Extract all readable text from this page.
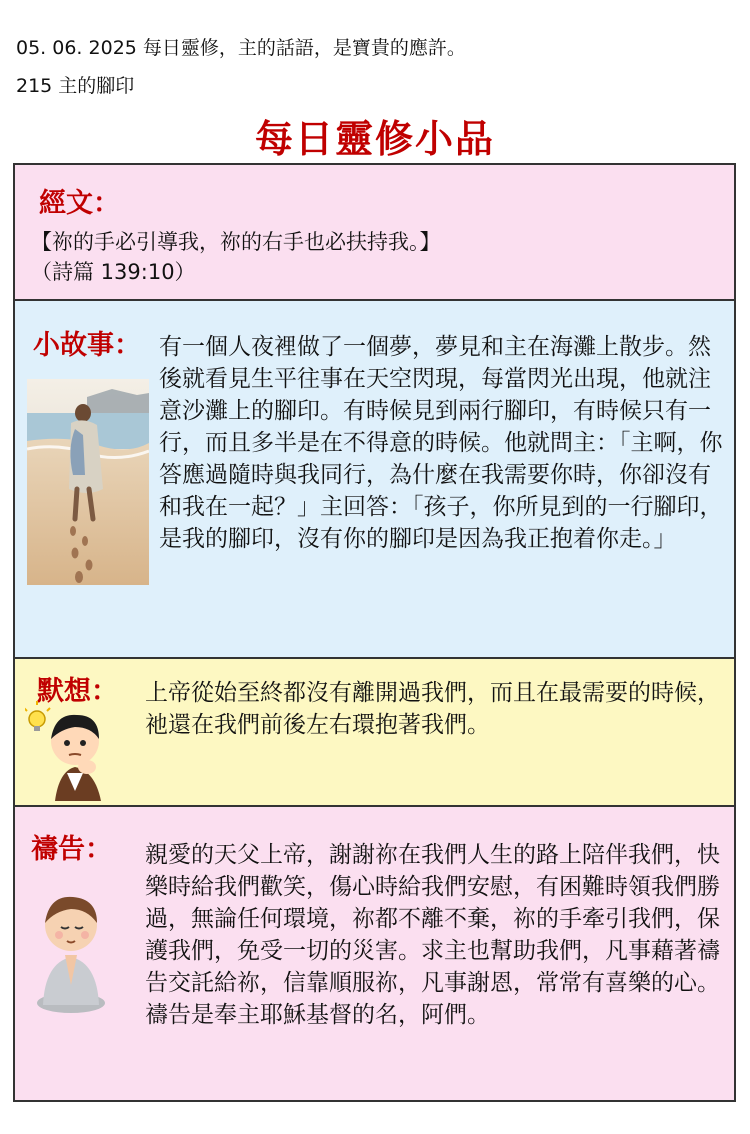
05. 06. 2025 每日靈修，主的話語，是寶貴的應許。
215 主的腳印
每日靈修小品
經文：
【祢的手必引導我，祢的右手也必扶持我。】
（詩篇 139:10）
小故事： 有一個人夜裡做了一個夢，夢見和主在海灘上散步。然後就看見生平往事在天空閃現，每當閃光出現，他就注意沙灘上的腳印。有時候見到兩行腳印，有時候只有一行，而且多半是在不得意的時候。他就問主：「主啊，你答應過隨時與我同行，為什麼在我需要你時，你卻沒有和我在一起？」主回答：「孩子，你所見到的一行腳印，是我的腳印，沒有你的腳印是因為我正抱着你走。」
默想： 上帝從始至終都沒有離開過我們，而且在最需要的時候，祂還在我們前後左右環抱著我們。
禱告： 親愛的天父上帝，謝謝祢在我們人生的路上陪伴我們，快樂時給我們歡笑，傷心時給我們安慰，有困難時領我們勝過，無論任何環境，祢都不離不棄，祢的手牽引我們，保護我們，免受一切的災害。求主也幫助我們，凡事藉著禱告交託給祢，信靠順服祢，凡事謝恩，常常有喜樂的心。禱告是奉主耶穌基督的名，阿們。
